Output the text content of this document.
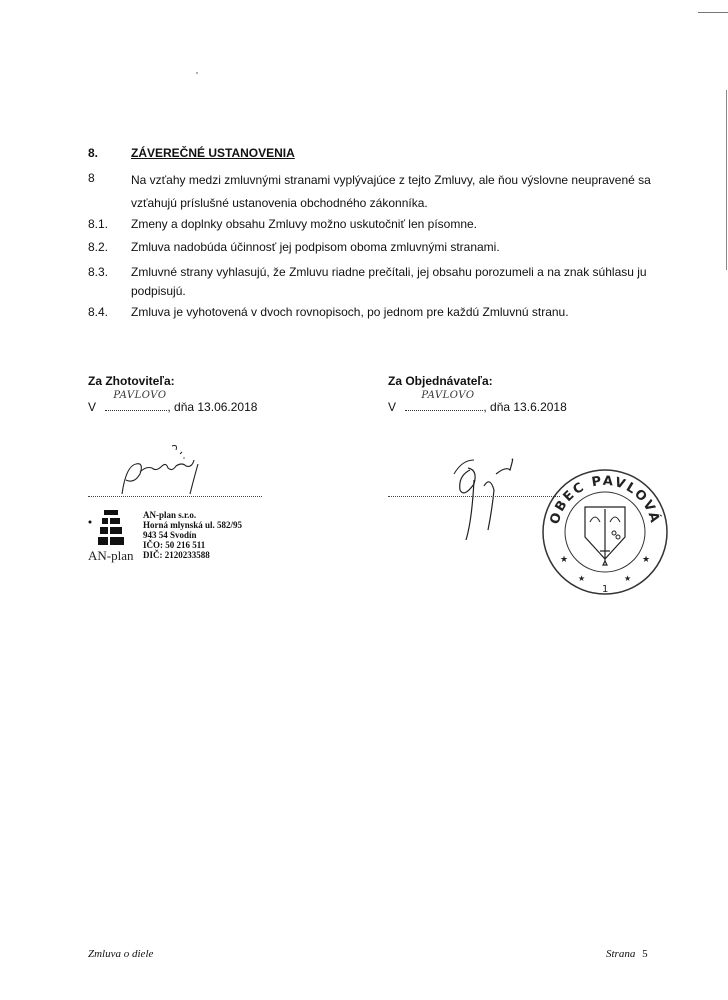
8.	ZÁVEREČNÉ USTANOVENIA
8	Na vzťahy medzi zmluvnými stranami vyplývajúce z tejto Zmluvy, ale ňou výslovne neupravené sa vzťahujú príslušné ustanovenia obchodného zákonníka.
8.1. Zmeny a doplnky obsahu Zmluvy možno uskutočniť len písomne.
8.2. Zmluva nadobúda účinnosť jej podpisom oboma zmluvnými stranami.
8.3. Zmluvné strany vyhlasujú, že Zmluvu riadne prečítali, jej obsahu porozumeli a na znak súhlasu ju podpisujú.
8.4. Zmluva je vyhotovená v dvoch rovnopisoch, po jednom pre každú Zmluvnú stranu.
Za Zhotoviteľa:
V
PAVLOVO
, dňa 13.06.2018
AN-plan
AN-plan s.r.o.
Horná mlynská ul. 582/95
943 54 Svodín
IČO: 50 216 511
DIČ: 2120233588
Za Objednávateľa:
V
PAVLOVO
, dňa 13.6.2018
OBEC PAVLOVÁ
★	★
★	★
1
Zmluva o diele	Strana 5
